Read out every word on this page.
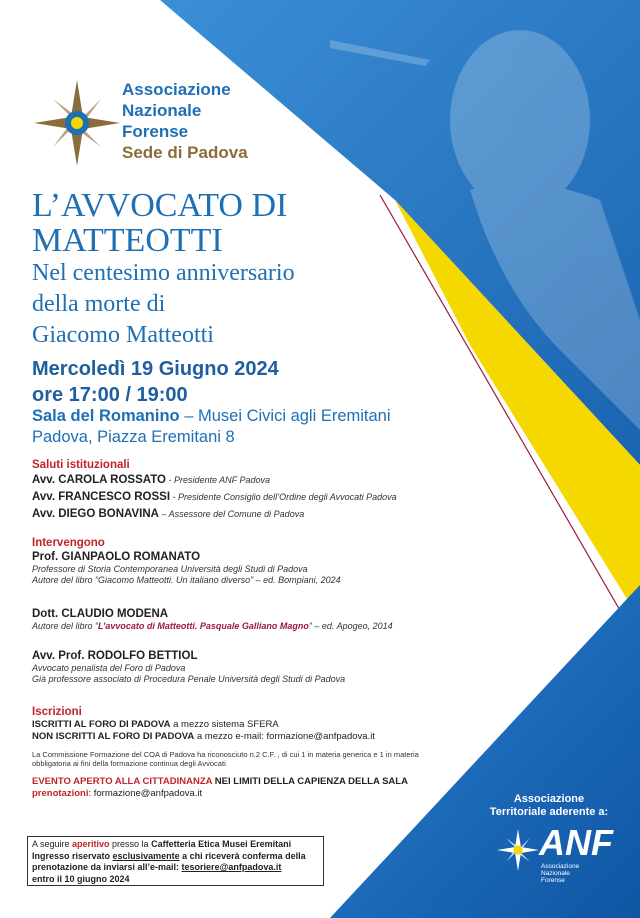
Associazione
Nazionale
Forense
Sede di Padova
L’AVVOCATO DI
MATTEOTTI
Nel centesimo anniversario
della morte di
Giacomo Matteotti
Mercoledì 19 Giugno 2024
ore 17:00 / 19:00
Sala del Romanino – Musei Civici agli Eremitani
Padova, Piazza Eremitani 8
Saluti istituzionali
Avv. CAROLA ROSSATO - Presidente ANF Padova
Avv. FRANCESCO ROSSI - Presidente Consiglio dell’Ordine degli Avvocati Padova
Avv. DIEGO BONAVINA – Assessore del Comune di Padova
Intervengono
Prof. GIANPAOLO ROMANATO
Professore di Storia Contemporanea Università degli Studi di Padova
Autore del libro “Giacomo Matteotti. Un italiano diverso” – ed. Bompiani, 2024
Dott. CLAUDIO MODENA
Autore del libro “L’avvocato di Matteotti. Pasquale Galliano Magno” – ed. Apogeo, 2014
Avv. Prof. RODOLFO BETTIOL
Avvocato penalista del Foro di Padova
Già professore associato di Procedura Penale Università degli Studi di Padova
Iscrizioni
ISCRITTI AL FORO DI PADOVA a mezzo sistema SFERA
NON ISCRITTI AL FORO DI PADOVA a mezzo e-mail: formazione@anfpadova.it
La Commissione Formazione del COA di Padova ha riconosciuto n.2 C.F. , di cui 1 in materia generica e 1 in materia
obbligatoria ai fini della formazione continua degli Avvocati
EVENTO APERTO ALLA CITTADINANZA NEI LIMITI DELLA CAPIENZA DELLA SALA
prenotazioni: formazione@anfpadova.it
A seguire aperitivo presso la Caffetteria Etica Musei Eremitani
Ingresso riservato esclusivamente a chi riceverà conferma della
prenotazione da inviarsi all’e-mail: tesoriere@anfpadova.it
entro il 10 giugno 2024
Associazione
Territoriale aderente a:
ANF
Associazione
Nazionale
Forense
